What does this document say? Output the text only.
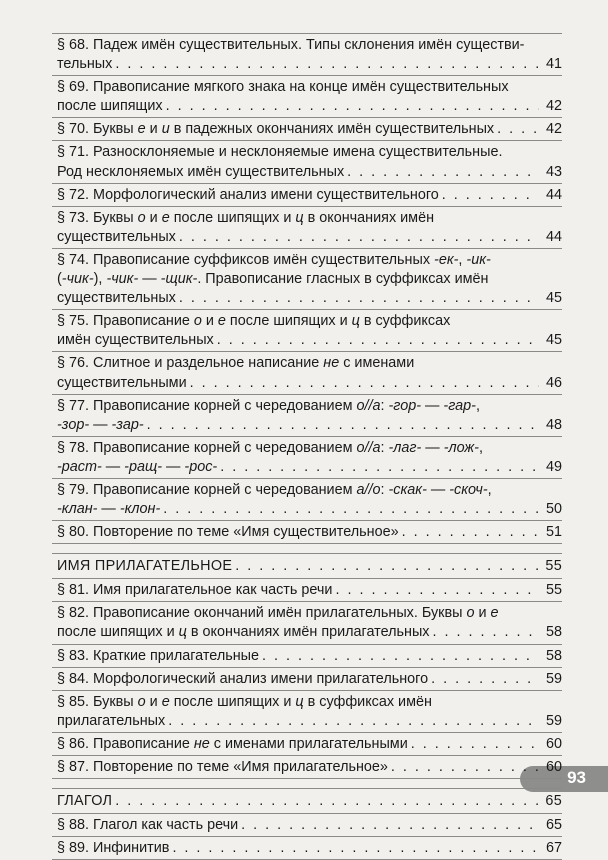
93
§ 68. Падеж имён существительных. Типы склонения имён существи-
тельных . . .	41
§ 69. Правописание мягкого знака на конце имён существительных
после шипящих . . .	42
§ 70. Буквы е и и в падежных окончаниях имён существительных . . .	42
§ 71. Разносклоняемые и несклоняемые имена существительные.
Род несклоняемых имён существительных . . .	43
§ 72. Морфологический анализ имени существительного . . .	44
§ 73. Буквы о и е после шипящих и ц в окончаниях имён
существительных . . .	44
§ 74. Правописание суффиксов имён существительных -ек-, -ик-
(-чик-), -чик- — -щик-. Правописание гласных в суффиксах имён
существительных . . .	45
§ 75. Правописание о и е после шипящих и ц в суффиксах
имён существительных . . .	45
§ 76. Слитное и раздельное написание не с именами
существительными . . .	46
§ 77. Правописание корней с чередованием о//а: -гор- — -гар-,
-зор- — -зар- . . .	48
§ 78. Правописание корней с чередованием о//а: -лаг- — -лож-,
-раст- — -ращ- — -рос- . . .	49
§ 79. Правописание корней с чередованием а//о: -скак- — -скоч-,
-клан- — -клон- . . .	50
§ 80. Повторение по теме «Имя существительное» . . .	51
ИМЯ ПРИЛАГАТЕЛЬНОЕ . . .	55
§ 81. Имя прилагательное как часть речи . . .	55
§ 82. Правописание окончаний имён прилагательных. Буквы о и е
после шипящих и ц в окончаниях имён прилагательных . . .	58
§ 83. Краткие прилагательные . . .	58
§ 84. Морфологический анализ имени прилагательного . . .	59
§ 85. Буквы о и е после шипящих и ц в суффиксах имён
прилагательных . . .	59
§ 86. Правописание не с именами прилагательными . . .	60
§ 87. Повторение по теме «Имя прилагательное» . . .	60
ГЛАГОЛ . . .	65
§ 88. Глагол как часть речи . . .	65
§ 89. Инфинитив . . .	67
